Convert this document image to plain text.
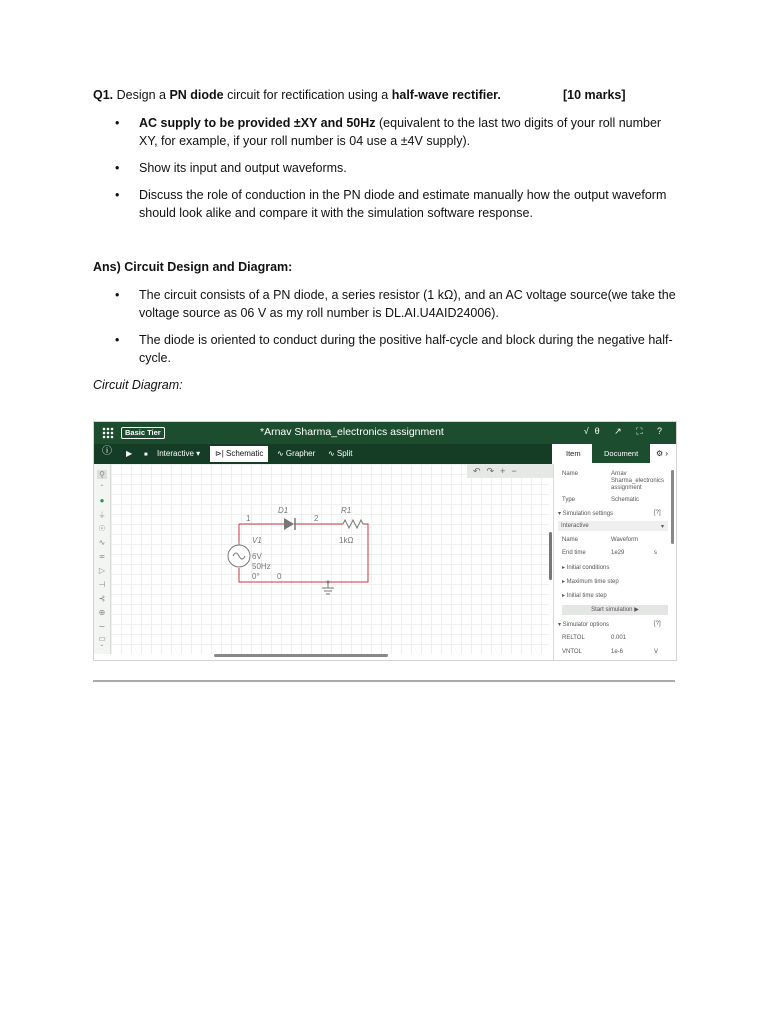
Q1. Design a PN diode circuit for rectification using a half-wave rectifier.	[10 marks]
• AC supply to be provided ±XY and 50Hz (equivalent to the last two digits of your roll number XY, for example, if your roll number is 04 use a ±4V supply).
• Show its input and output waveforms.
• Discuss the role of conduction in the PN diode and estimate manually how the output waveform should look alike and compare it with the simulation software response.
Ans) Circuit Design and Diagram:
• The circuit consists of a PN diode, a series resistor (1 kΩ), and an AC voltage source(we take the voltage source as 06 V as my roll number is DL.AI.U4AID24006).
• The diode is oriented to conduct during the positive half-cycle and block during the negative half-cycle.
Circuit Diagram:
Basic Tier	*Arnav Sharma_electronics assignment	√θ ↗ ⛶ ?
ⓘ ▶ ■ Interactive ▾	⊳| Schematic	∿ Grapher ∿ Split	Item	Document	⚙ ›
⚲
ˆ
●
⏚
☉
∿
≖
▷
⊣
⊰
⊕
∼
▭
ˇ
1	2
D1	R1
1kΩ
V1
6V
50Hz
0° 0
↶↷+−	Name	Arnav
Sharma_electronics
assignment
Type	Schematic
▾ Simulation settings	[?]
Interactive	▾
Name	Waveform
End time	1e29	s
▸ Initial conditions
▸ Maximum time step
▸ Initial time step
Start simulation ▶
▾ Simulator options	[?]
RELTOL	0.001
VNTOL	1e-6	V
